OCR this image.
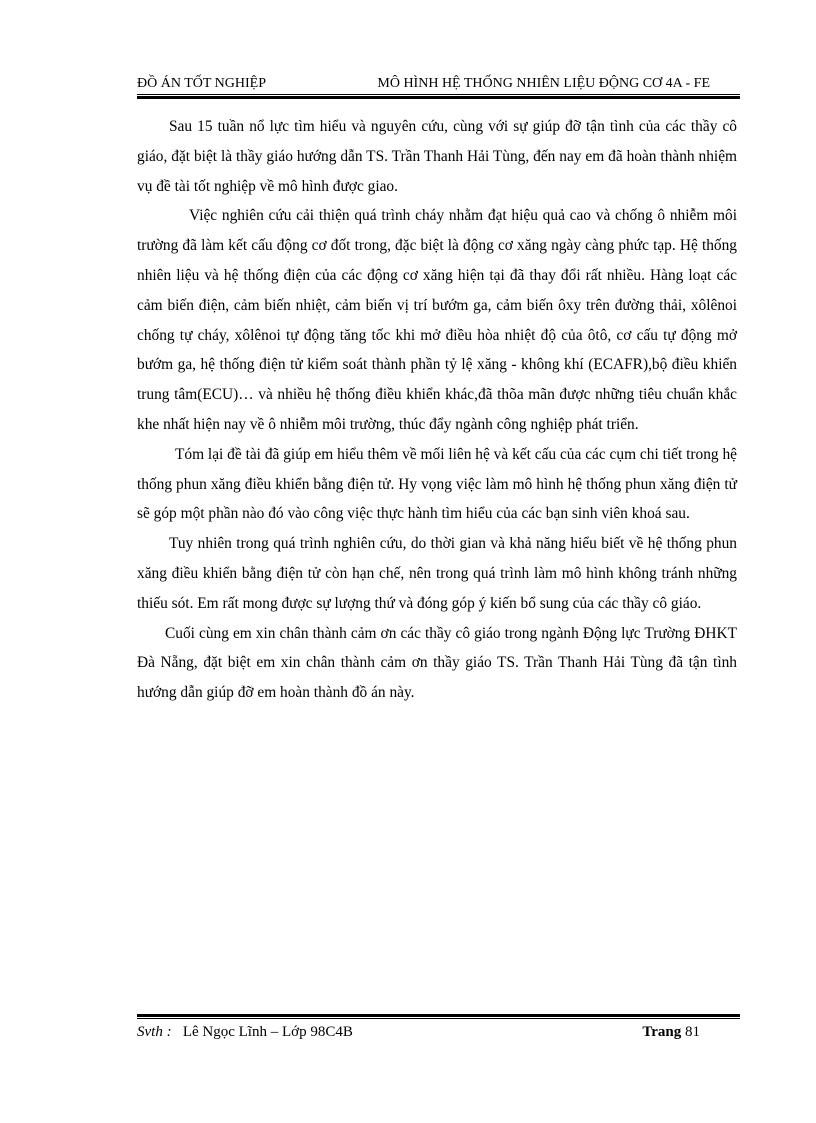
ĐỒ ÁN TỐT NGHIỆP	MÔ HÌNH HỆ THỐNG NHIÊN LIỆU ĐỘNG CƠ 4A - FE

Sau 15 tuần nổ lực tìm hiểu và nguyên cứu, cùng với sự giúp đỡ tận tình của các thầy cô giáo, đặt biệt là thầy giáo hướng dẫn TS. Trần Thanh Hải Tùng, đến nay em đã hoàn thành nhiệm vụ đề tài tốt nghiệp về mô hình được giao.

Việc nghiên cứu cải thiện quá trình cháy nhằm đạt hiệu quả cao và chống ô nhiễm môi trường đã làm kết cấu động cơ đốt trong, đặc biệt là động cơ xăng ngày càng phức tạp. Hệ thống nhiên liệu và hệ thống điện của các động cơ xăng hiện tại đã thay đổi rất nhiều. Hàng loạt các cảm biến điện, cảm biến nhiệt, cảm biến vị trí bướm ga, cảm biến ôxy trên đường thải, xôlênoi chống tự cháy, xôlênoi tự động tăng tốc khi mở điều hòa nhiệt độ của ôtô, cơ cấu tự động mở bướm ga, hệ thống điện tử kiểm soát thành phần tỷ lệ xăng - không khí (ECAFR),bộ điều khiển trung tâm(ECU)… và nhiều hệ thống điều khiển khác,đã thõa mãn được những tiêu chuẩn khắc khe nhất hiện nay về ô nhiễm môi trường, thúc đẩy ngành công nghiệp phát triển.

Tóm lại đề tài đã giúp em hiểu thêm về mối liên hệ và kết cấu của các cụm chi tiết trong hệ thống phun xăng điều khiển bằng điện tử. Hy vọng việc làm mô hình hệ thống phun xăng điện tử sẽ góp một phần nào đó vào công việc thực hành tìm hiểu của các bạn sinh viên khoá sau.

Tuy nhiên trong quá trình nghiên cứu, do thời gian và khả năng hiểu biết về hệ thống phun xăng điều khiển bằng điện tử còn hạn chế, nên trong quá trình làm mô hình không tránh những thiếu sót. Em rất mong được sự lượng thứ và đóng góp ý kiến bổ sung của các thầy cô giáo.

Cuối cùng em xin chân thành cảm ơn các thầy cô giáo trong ngành Động lực Trường ĐHKT Đà Nẵng, đặt biệt em xin chân thành cảm ơn thầy giáo TS. Trần Thanh Hải Tùng đã tận tình hướng dẫn giúp đỡ em hoàn thành đồ án này.

Svth : Lê Ngọc Lĩnh – Lớp 98C4B	Trang 81
